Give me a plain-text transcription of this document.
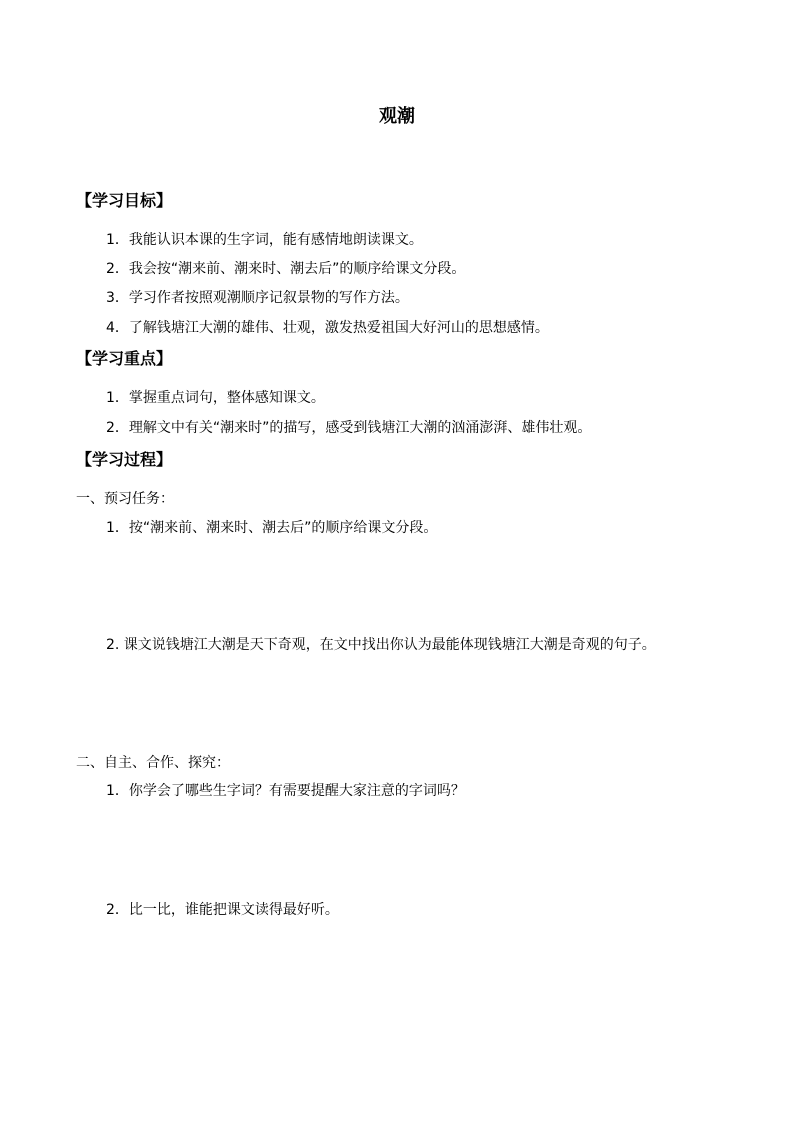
观潮
【学习目标】
1．我能认识本课的生字词，能有感情地朗读课文。
2．我会按“潮来前、潮来时、潮去后”的顺序给课文分段。
3．学习作者按照观潮顺序记叙景物的写作方法。
4．了解钱塘江大潮的雄伟、壮观，激发热爱祖国大好河山的思想感情。
【学习重点】
1．掌握重点词句，整体感知课文。
2．理解文中有关“潮来时”的描写，感受到钱塘江大潮的汹涌澎湃、雄伟壮观。
【学习过程】
一、预习任务：
1．按“潮来前、潮来时、潮去后”的顺序给课文分段。
2. 课文说钱塘江大潮是天下奇观，在文中找出你认为最能体现钱塘江大潮是奇观的句子。
二、自主、合作、探究：
1．你学会了哪些生字词？有需要提醒大家注意的字词吗？
2．比一比，谁能把课文读得最好听。
